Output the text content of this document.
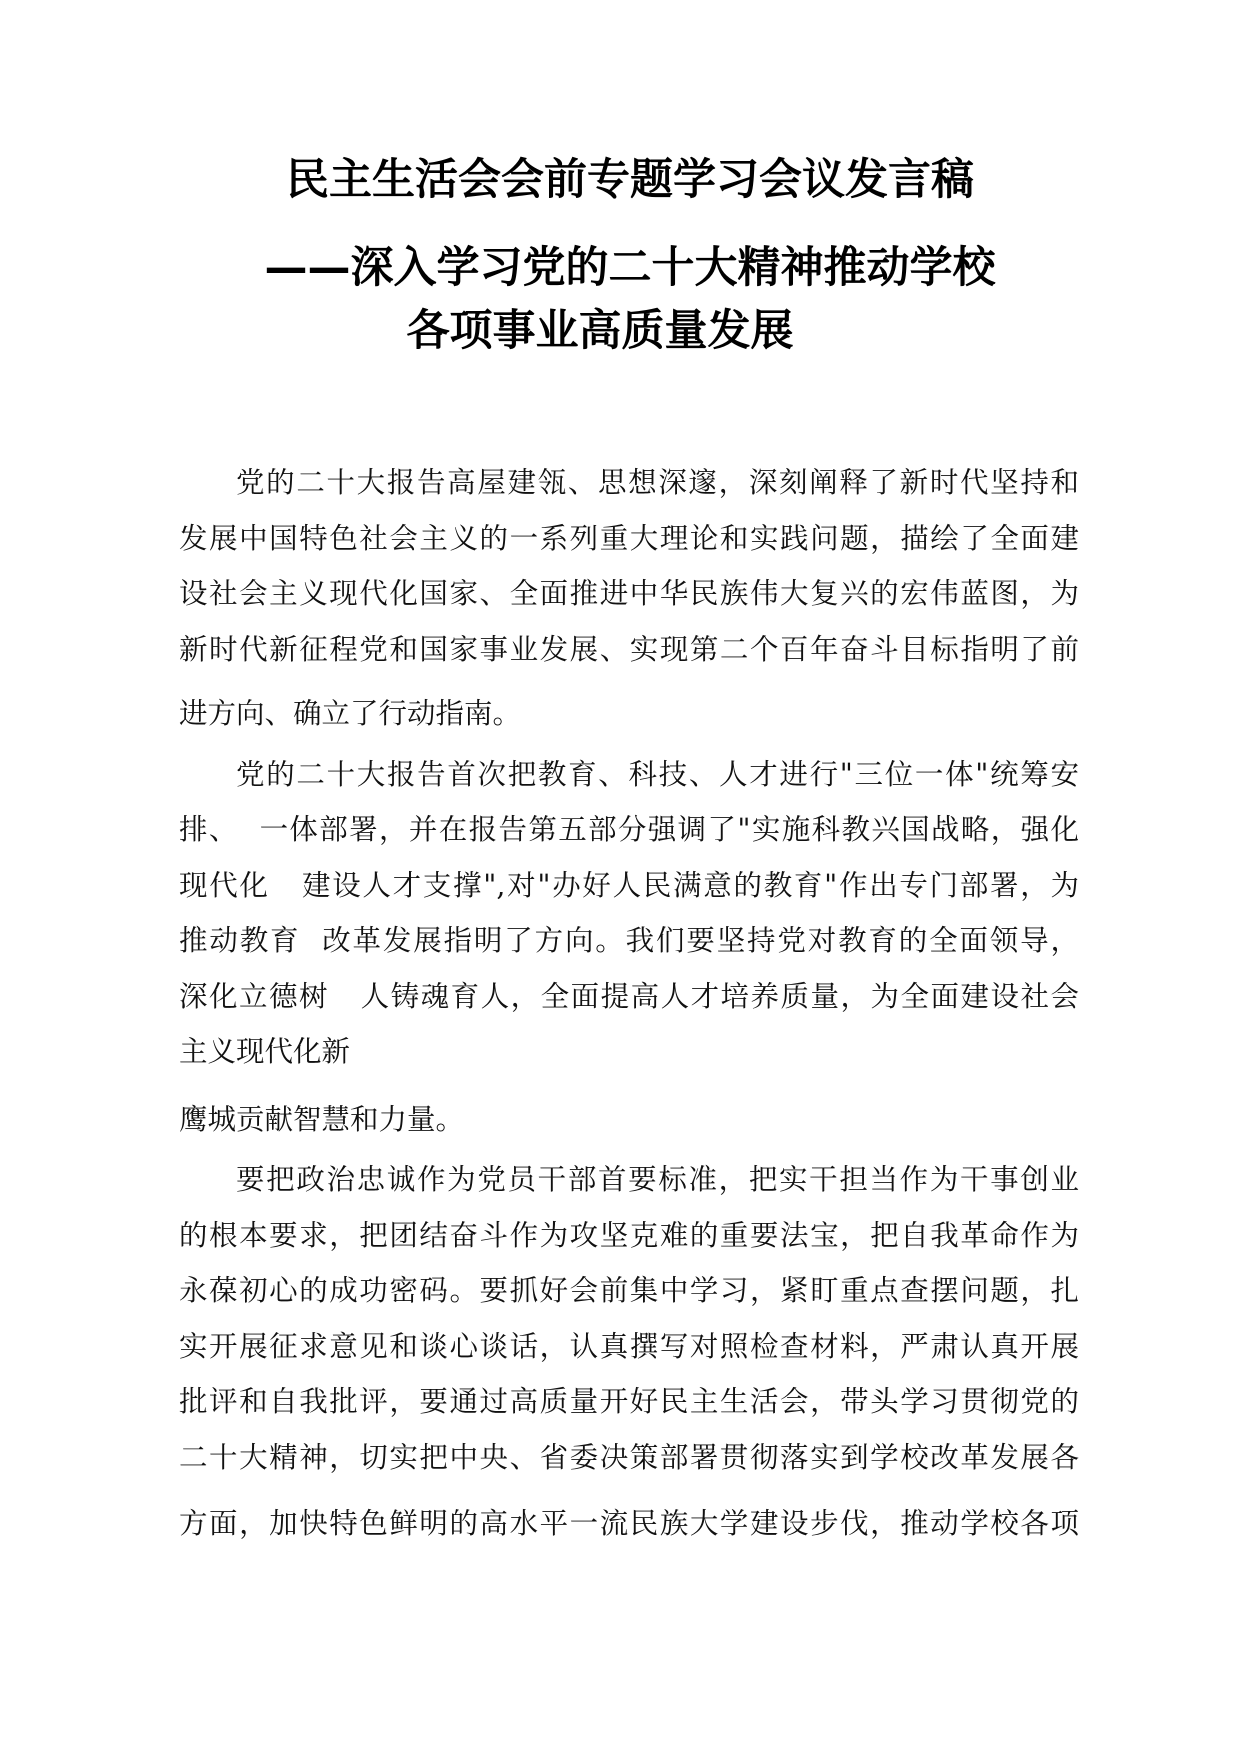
民主生活会会前专题学习会议发言稿
——深入学习党的二十大精神推动学校
各项事业高质量发展
党的二十大报告高屋建瓴、思想深邃，深刻阐释了新时代坚持和
发展中国特色社会主义的一系列重大理论和实践问题，描绘了全面建
设社会主义现代化国家、全面推进中华民族伟大复兴的宏伟蓝图，为
新时代新征程党和国家事业发展、实现第二个百年奋斗目标指明了前
进方向、确立了行动指南。
党的二十大报告首次把教育、科技、人才进行"三位一体"统筹安
排、  一体部署，并在报告第五部分强调了"实施科教兴国战略，强化
现代化   建设人才支撑",对"办好人民满意的教育"作出专门部署，为
推动教育  改革发展指明了方向。我们要坚持党对教育的全面领导，
深化立德树   人铸魂育人，全面提高人才培养质量，为全面建设社会
主义现代化新
鹰城贡献智慧和力量。
要把政治忠诚作为党员干部首要标准，把实干担当作为干事创业
的根本要求，把团结奋斗作为攻坚克难的重要法宝，把自我革命作为
永葆初心的成功密码。要抓好会前集中学习，紧盯重点查摆问题，扎
实开展征求意见和谈心谈话，认真撰写对照检查材料，严肃认真开展
批评和自我批评，要通过高质量开好民主生活会，带头学习贯彻党的
二十大精神，切实把中央、省委决策部署贯彻落实到学校改革发展各
方面，加快特色鲜明的高水平一流民族大学建设步伐，推动学校各项
